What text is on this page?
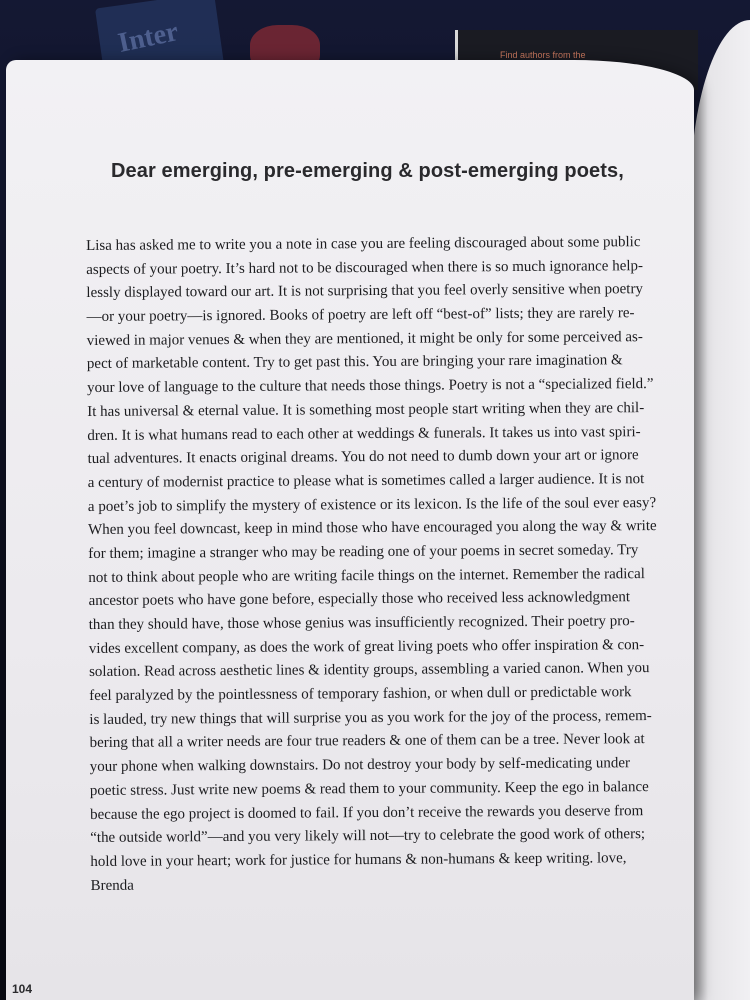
Inter	Find authors from the
Dear emerging, pre-emerging & post-emerging poets,
Lisa has asked me to write you a note in case you are feeling discouraged about some public
aspects of your poetry. It’s hard not to be discouraged when there is so much ignorance help-
lessly displayed toward our art. It is not surprising that you feel overly sensitive when poetry
—or your poetry—is ignored. Books of poetry are left off “best-of” lists; they are rarely re-
viewed in major venues & when they are mentioned, it might be only for some perceived as-
pect of marketable content. Try to get past this. You are bringing your rare imagination &
your love of language to the culture that needs those things. Poetry is not a “specialized field.”
It has universal & eternal value. It is something most people start writing when they are chil-
dren. It is what humans read to each other at weddings & funerals. It takes us into vast spiri-
tual adventures. It enacts original dreams. You do not need to dumb down your art or ignore
a century of modernist practice to please what is sometimes called a larger audience. It is not
a poet’s job to simplify the mystery of existence or its lexicon. Is the life of the soul ever easy?
When you feel downcast, keep in mind those who have encouraged you along the way & write
for them; imagine a stranger who may be reading one of your poems in secret someday. Try
not to think about people who are writing facile things on the internet. Remember the radical
ancestor poets who have gone before, especially those who received less acknowledgment
than they should have, those whose genius was insufficiently recognized. Their poetry pro-
vides excellent company, as does the work of great living poets who offer inspiration & con-
solation. Read across aesthetic lines & identity groups, assembling a varied canon. When you
feel paralyzed by the pointlessness of temporary fashion, or when dull or predictable work
is lauded, try new things that will surprise you as you work for the joy of the process, remem-
bering that all a writer needs are four true readers & one of them can be a tree. Never look at
your phone when walking downstairs. Do not destroy your body by self-medicating under
poetic stress. Just write new poems & read them to your community. Keep the ego in balance
because the ego project is doomed to fail. If you don’t receive the rewards you deserve from
“the outside world”—and you very likely will not—try to celebrate the good work of others;
hold love in your heart; work for justice for humans & non-humans & keep writing. love,
Brenda
104
